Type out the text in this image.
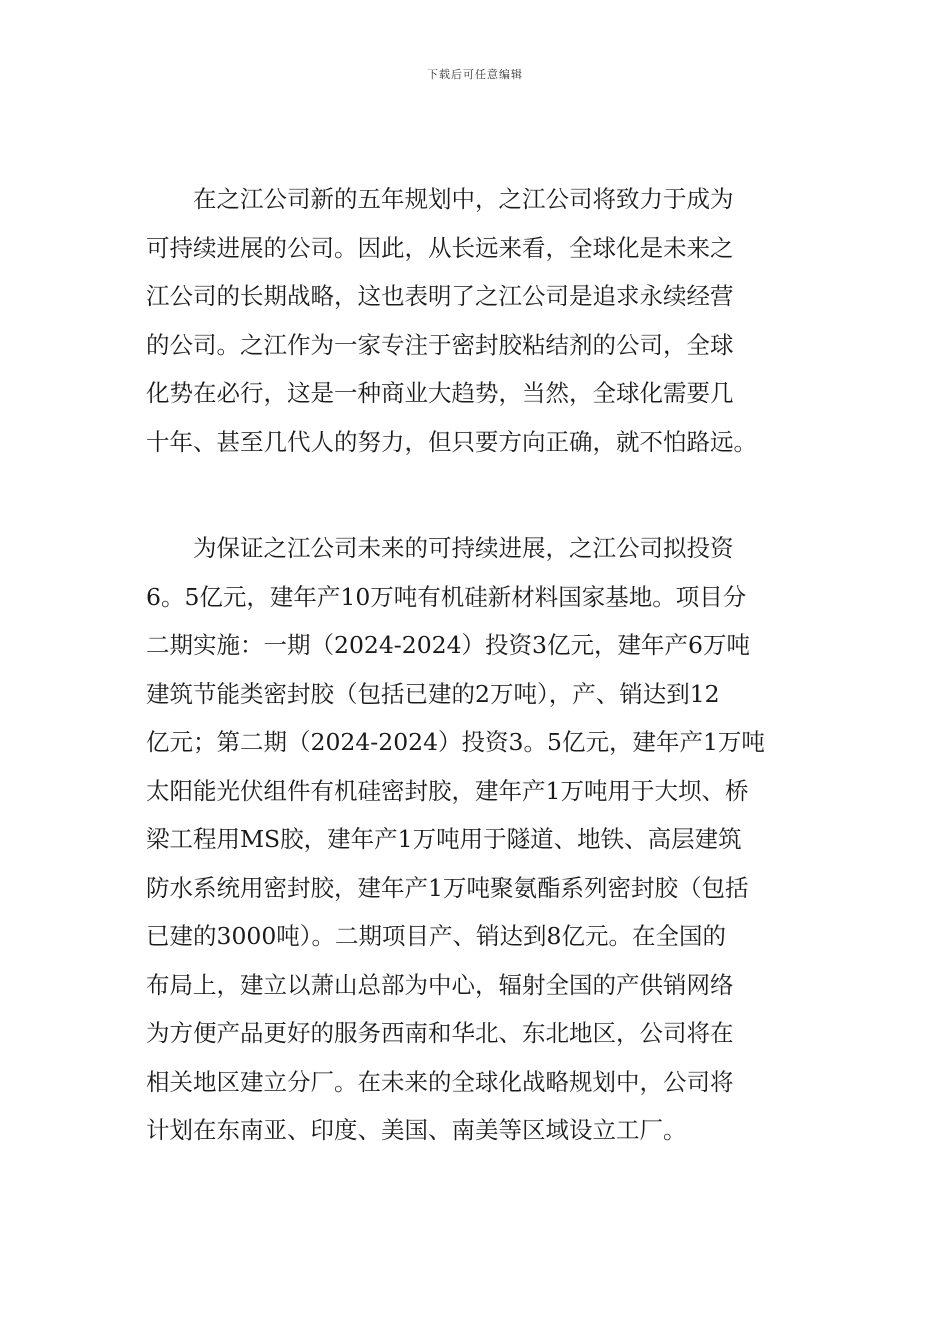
下载后可任意编辑
在之江公司新的五年规划中，之江公司将致力于成为
可持续进展的公司。因此，从长远来看，全球化是未来之
江公司的长期战略，这也表明了之江公司是追求永续经营
的公司。之江作为一家专注于密封胶粘结剂的公司，全球
化势在必行，这是一种商业大趋势，当然，全球化需要几
十年、甚至几代人的努力，但只要方向正确，就不怕路远。
为保证之江公司未来的可持续进展，之江公司拟投资
6。5亿元，建年产10万吨有机硅新材料国家基地。项目分
二期实施：一期（2024-2024）投资3亿元，建年产6万吨
建筑节能类密封胶（包括已建的2万吨），产、销达到12
亿元；第二期（2024-2024）投资3。5亿元，建年产1万吨
太阳能光伏组件有机硅密封胶，建年产1万吨用于大坝、桥
梁工程用MS胶，建年产1万吨用于隧道、地铁、高层建筑
防水系统用密封胶，建年产1万吨聚氨酯系列密封胶（包括
已建的3000吨）。二期项目产、销达到8亿元。在全国的
布局上，建立以萧山总部为中心，辐射全国的产供销网络
为方便产品更好的服务西南和华北、东北地区，公司将在
相关地区建立分厂。在未来的全球化战略规划中，公司将
计划在东南亚、印度、美国、南美等区域设立工厂。
